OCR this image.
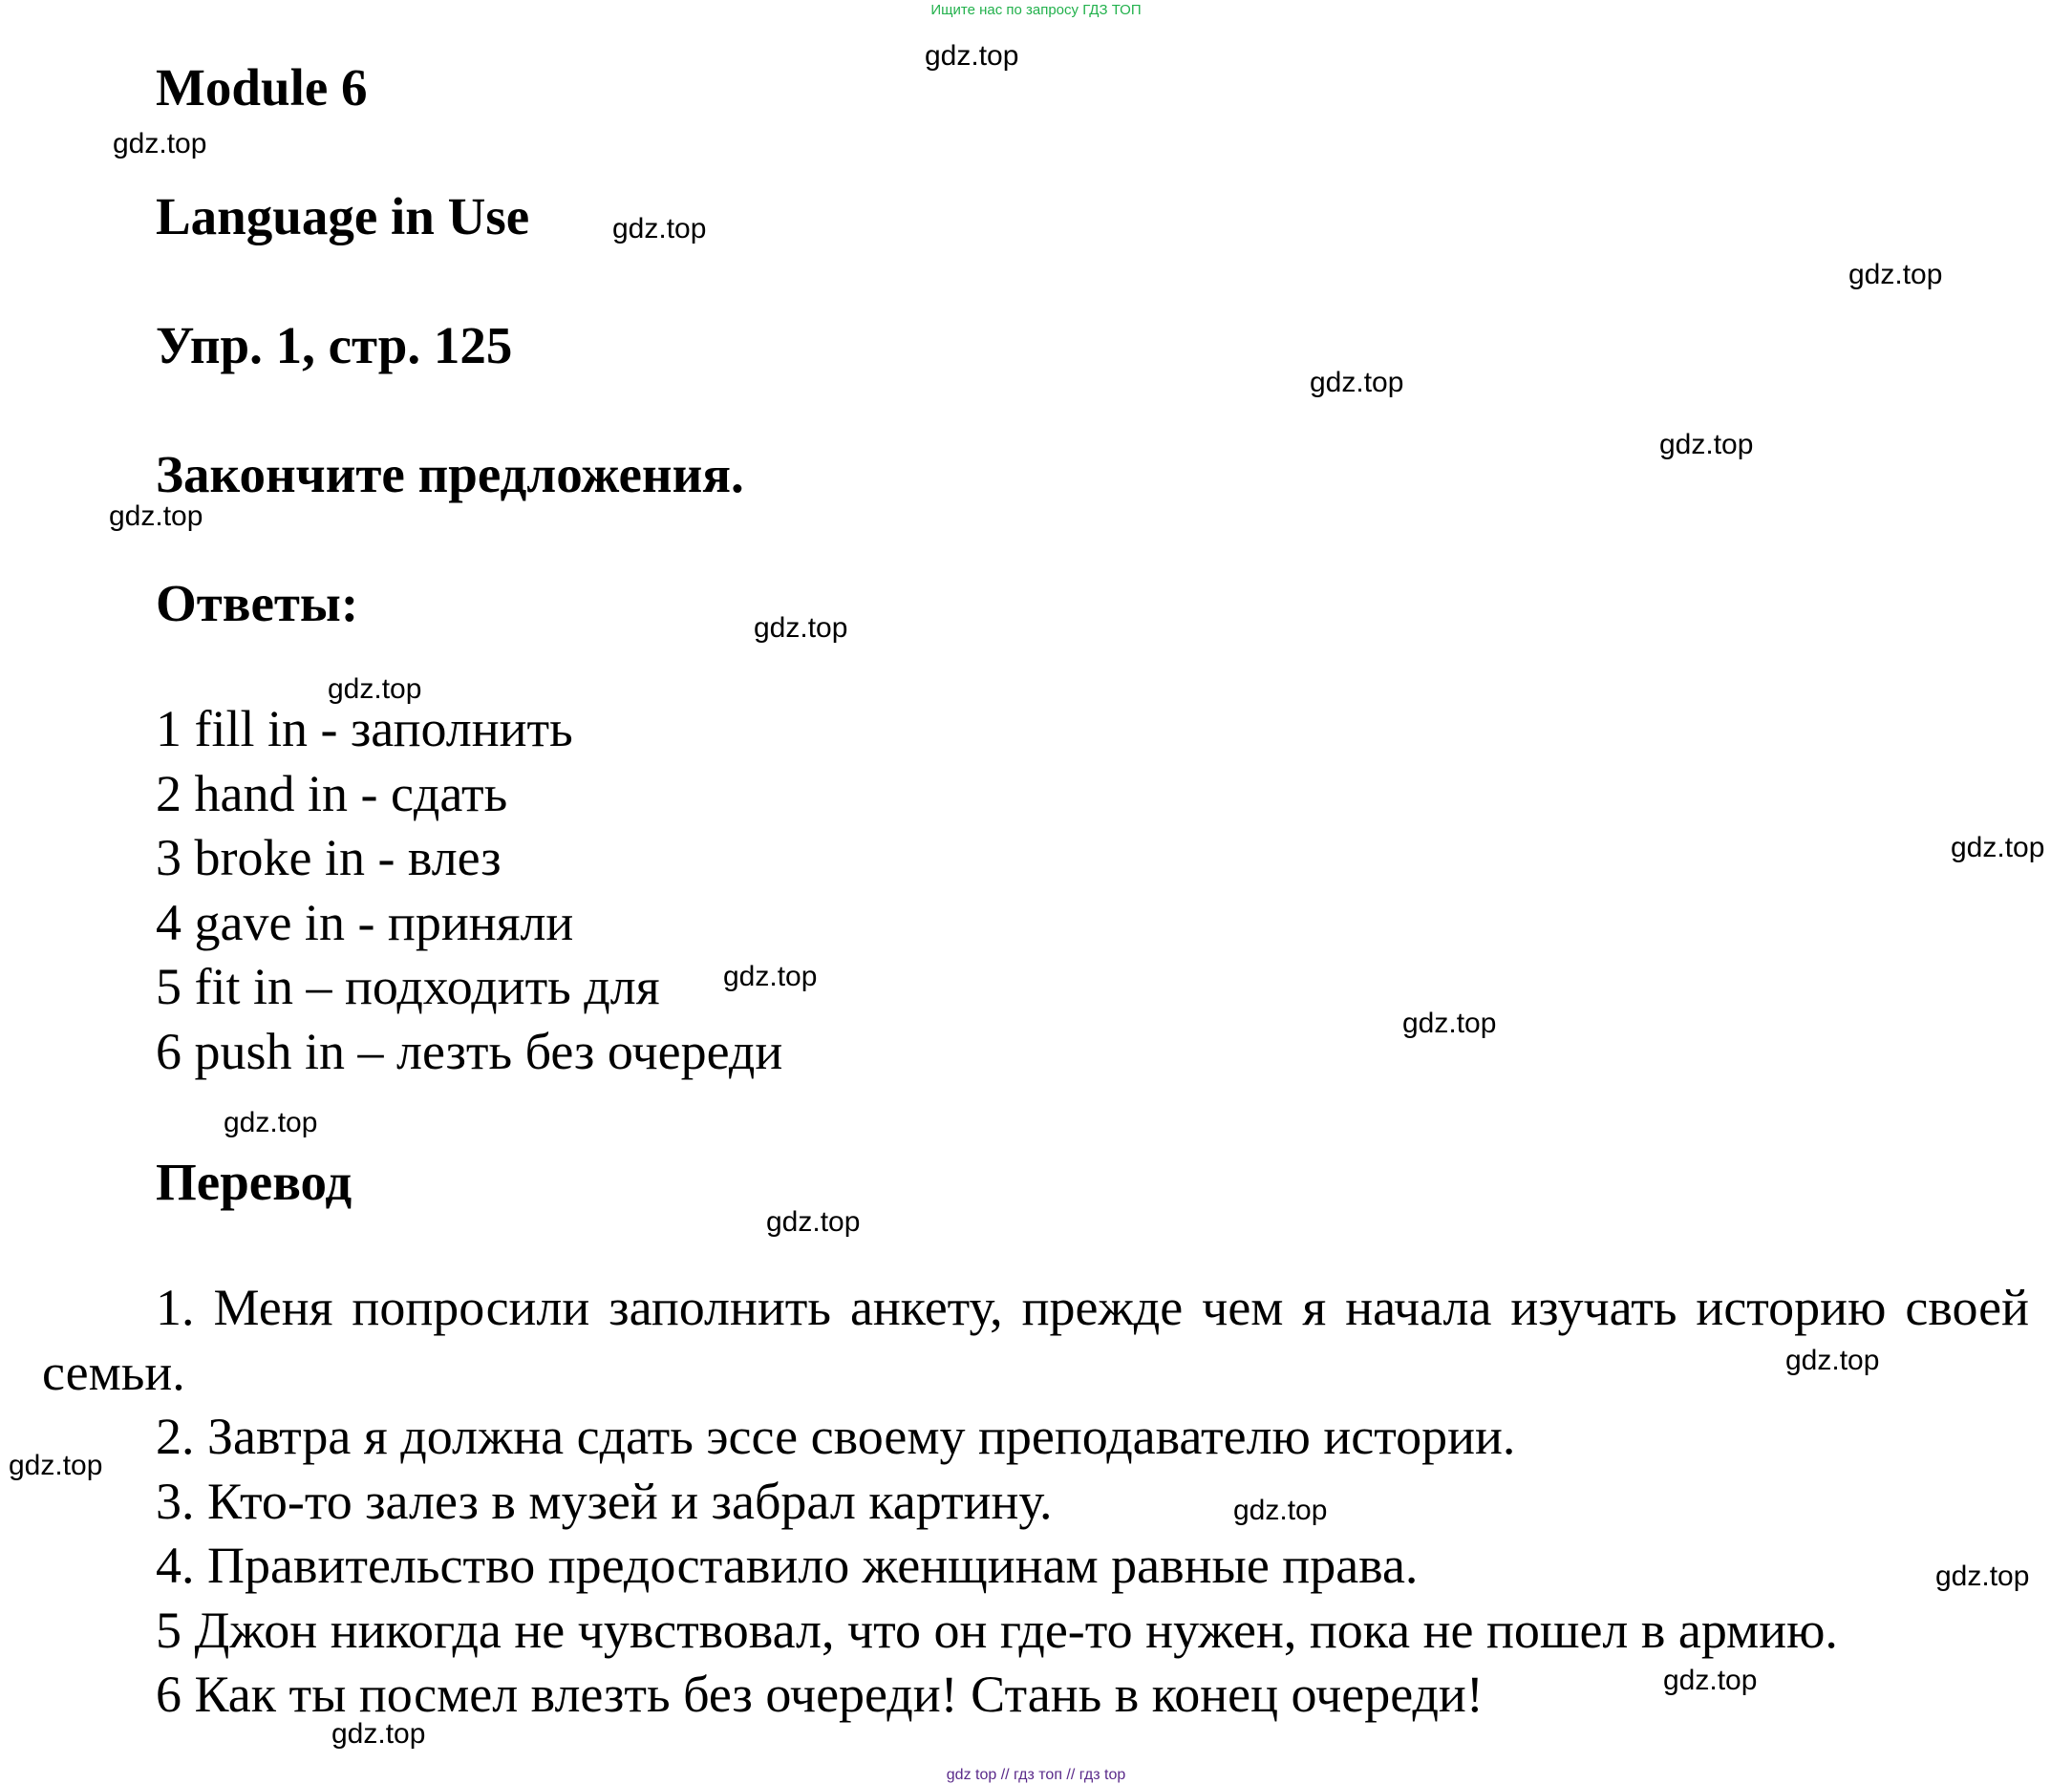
Ищите нас по запросу ГДЗ ТОП
Module 6
Language in Use
Упр. 1, стр. 125
Закончите предложения.
Ответы:
1 fill in - заполнить
2 hand in - сдать
3 broke in - влез
4 gave in - приняли
5 fit in – подходить для
6 push in – лезть без очереди
Перевод
1. Меня попросили заполнить анкету, прежде чем я начала изучать историю своей семьи.
2. Завтра я должна сдать эссе своему преподавателю истории.
3. Кто-то залез в музей и забрал картину.
4. Правительство предоставило женщинам равные права.
5 Джон никогда не чувствовал, что он где-то нужен, пока не пошел в армию.
6 Как ты посмел влезть без очереди! Стань в конец очереди!
gdz.top
gdz.top
gdz.top
gdz.top
gdz.top
gdz.top
gdz.top
gdz.top
gdz.top
gdz.top
gdz.top
gdz.top
gdz.top
gdz.top
gdz.top
gdz.top
gdz.top
gdz.top
gdz.top
gdz.top
gdz top // гдз топ // гдз top
